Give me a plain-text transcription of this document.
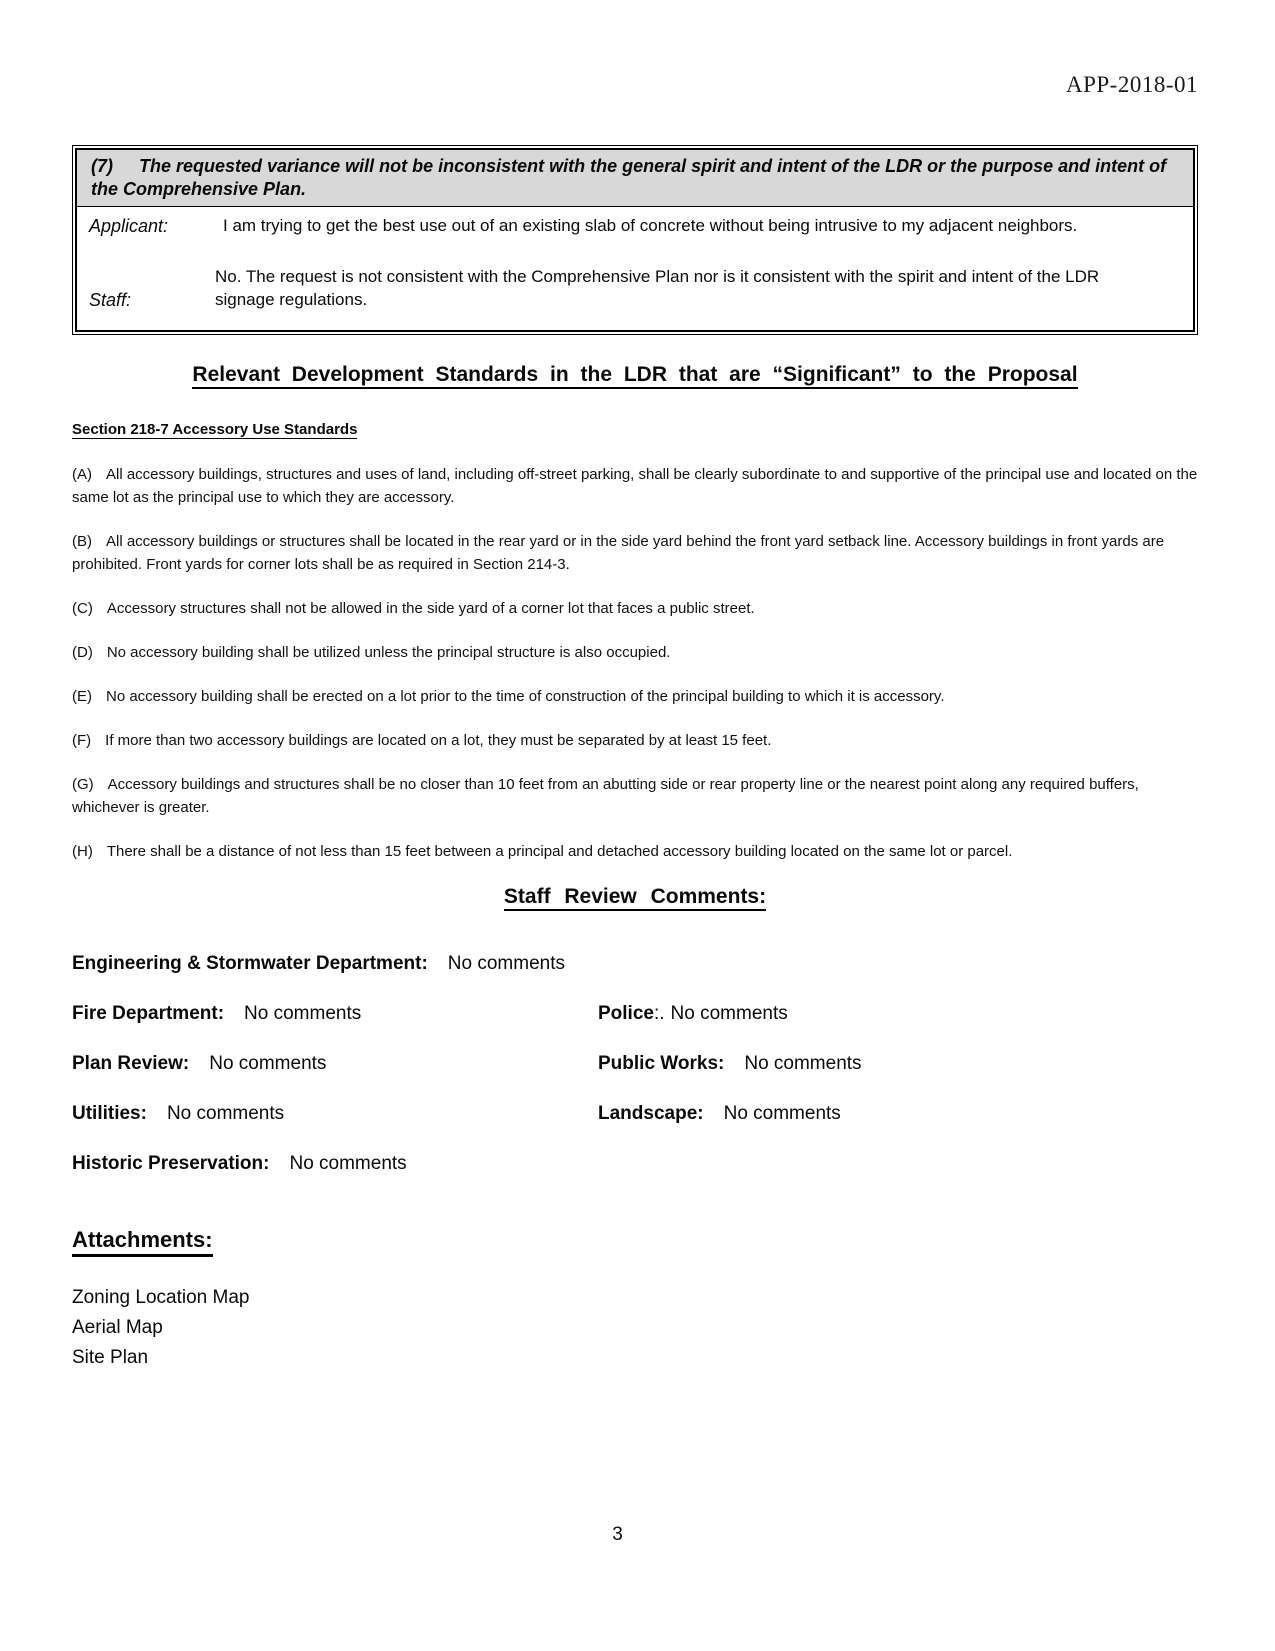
APP-2018-01
(7) The requested variance will not be inconsistent with the general spirit and intent of the LDR or the purpose and intent of the Comprehensive Plan.
Applicant:	I am trying to get the best use out of an existing slab of concrete without being intrusive to my adjacent neighbors.
Staff:
No. The request is not consistent with the Comprehensive Plan nor is it consistent with the spirit and intent of the LDR signage regulations.
Relevant Development Standards in the LDR that are “Significant” to the Proposal
Section 218-7 Accessory Use Standards

(A) All accessory buildings, structures and uses of land, including off-street parking, shall be clearly subordinate to and supportive of the principal use and located on the same lot as the principal use to which they are accessory.

(B) All accessory buildings or structures shall be located in the rear yard or in the side yard behind the front yard setback line. Accessory buildings in front yards are prohibited. Front yards for corner lots shall be as required in Section 214-3.

(C) Accessory structures shall not be allowed in the side yard of a corner lot that faces a public street.

(D) No accessory building shall be utilized unless the principal structure is also occupied.

(E) No accessory building shall be erected on a lot prior to the time of construction of the principal building to which it is accessory.

(F) If more than two accessory buildings are located on a lot, they must be separated by at least 15 feet.

(G) Accessory buildings and structures shall be no closer than 10 feet from an abutting side or rear property line or the nearest point along any required buffers, whichever is greater.

(H) There shall be a distance of not less than 15 feet between a principal and detached accessory building located on the same lot or parcel.

Staff Review Comments:
Engineering & Stormwater Department: No comments
Fire Department: No comments	Police:. No comments
Plan Review: No comments	Public Works: No comments
Utilities: No comments	Landscape: No comments
Historic Preservation: No comments
Attachments:
Zoning Location Map
Aerial Map
Site Plan
3
